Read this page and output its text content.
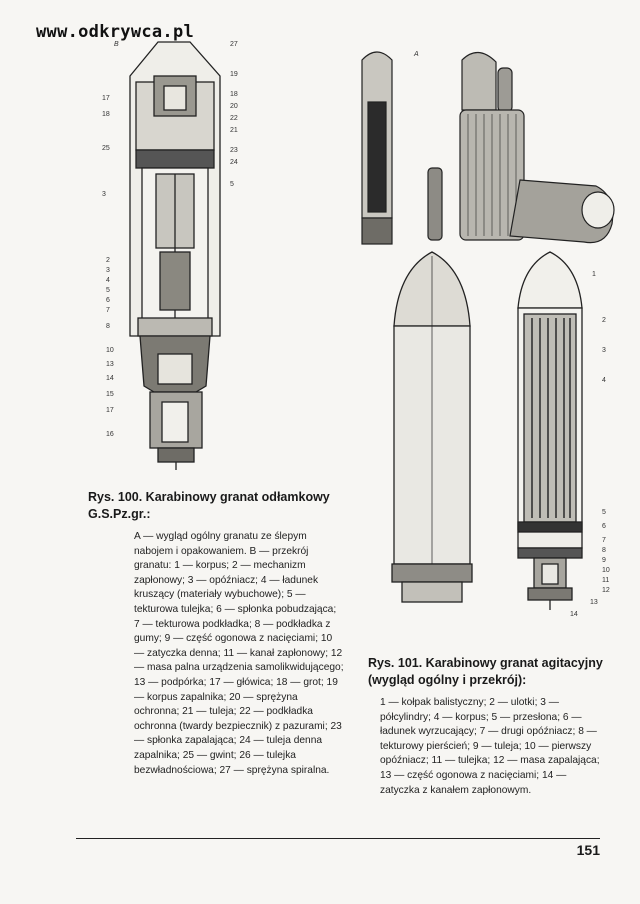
www.odkrywca.pl
B
17
18
25
3
2
3
4
5
6
7
8
10
13
14
15
17
16
27
19
18
20
22
21
23
24
5
A
1
2
3
4
5
6
7
8
9
10
11
12
13
14
Rys. 100. Karabinowy granat odłamkowy G.S.Pz.gr.:
A — wygląd ogólny granatu ze ślepym nabojem i opakowaniem. B — przekrój granatu: 1 — korpus; 2 — mechanizm zapłonowy; 3 — opóźniacz; 4 — ładunek kruszący (materiały wybuchowe); 5 — tekturowa tulejka; 6 — spłonka pobudzająca; 7 — tekturowa podkładka; 8 — podkładka z gumy; 9 — część ogonowa z nacięciami; 10 — zatyczka denna; 11 — kanał zapłonowy; 12 — masa palna urządzenia samolikwidującego; 13 — podpórka; 17 — główica; 18 — grot; 19 — korpus zapalnika; 20 — sprężyna ochronna; 21 — tuleja; 22 — podkładka ochronna (twardy bezpiecznik) z pazurami; 23 — spłonka zapalająca; 24 — tuleja denna zapalnika; 25 — gwint; 26 — tulejka bezwładnościowa; 27 — sprężyna spiralna.
Rys. 101. Karabinowy granat agitacyjny (wygląd ogólny i przekrój):
1 — kołpak balistyczny; 2 — ulotki; 3 — półcylindry; 4 — korpus; 5 — przesłona; 6 — ładunek wyrzucający; 7 — drugi opóźniacz; 8 — tekturowy pierścień; 9 — tuleja; 10 — pierwszy opóźniacz; 11 — tulejka; 12 — masa zapalająca; 13 — część ogonowa z nacięciami; 14 — zatyczka z kanałem zapłonowym.
151
